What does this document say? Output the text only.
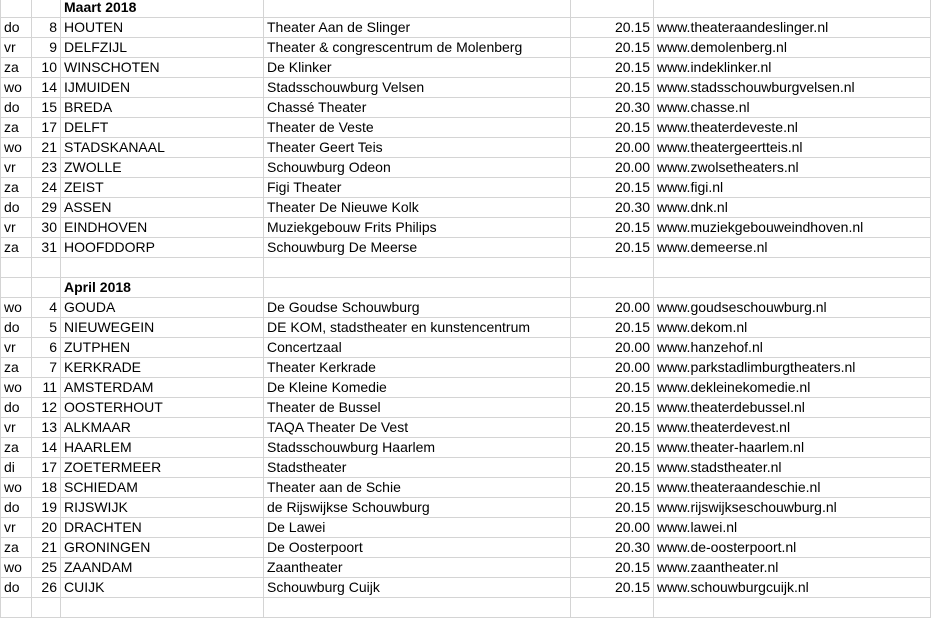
		Maart 2018			
do	8	HOUTEN	Theater Aan de Slinger	20.15	www.theateraandeslinger.nl
vr	9	DELFZIJL	Theater & congrescentrum de Molenberg	20.15	www.demolenberg.nl
za	10	WINSCHOTEN	De Klinker	20.15	www.indeklinker.nl
wo	14	IJMUIDEN	Stadsschouwburg Velsen	20.15	www.stadsschouwburgvelsen.nl
do	15	BREDA	Chassé Theater	20.30	www.chasse.nl
za	17	DELFT	Theater de Veste	20.15	www.theaterdeveste.nl
wo	21	STADSKANAAL	Theater Geert Teis	20.00	www.theatergeertteis.nl
vr	23	ZWOLLE	Schouwburg Odeon	20.00	www.zwolsetheaters.nl
za	24	ZEIST	Figi Theater	20.15	www.figi.nl
do	29	ASSEN	Theater De Nieuwe Kolk	20.30	www.dnk.nl
vr	30	EINDHOVEN	Muziekgebouw Frits Philips	20.15	www.muziekgebouweindhoven.nl
za	31	HOOFDDORP	Schouwburg De Meerse	20.15	www.demeerse.nl

		April 2018			
wo	4	GOUDA	De Goudse Schouwburg	20.00	www.goudseschouwburg.nl
do	5	NIEUWEGEIN	DE KOM, stadstheater en kunstencentrum	20.15	www.dekom.nl
vr	6	ZUTPHEN	Concertzaal	20.00	www.hanzehof.nl
za	7	KERKRADE	Theater Kerkrade	20.00	www.parkstadlimburgtheaters.nl
wo	11	AMSTERDAM	De Kleine Komedie	20.15	www.dekleinekomedie.nl
do	12	OOSTERHOUT	Theater de Bussel	20.15	www.theaterdebussel.nl
vr	13	ALKMAAR	TAQA Theater De Vest	20.15	www.theaterdevest.nl
za	14	HAARLEM	Stadsschouwburg Haarlem	20.15	www.theater-haarlem.nl
di	17	ZOETERMEER	Stadstheater	20.15	www.stadstheater.nl
wo	18	SCHIEDAM	Theater aan de Schie	20.15	www.theateraandeschie.nl
do	19	RIJSWIJK	de Rijswijkse Schouwburg	20.15	www.rijswijkseschouwburg.nl
vr	20	DRACHTEN	De Lawei	20.00	www.lawei.nl
za	21	GRONINGEN	De Oosterpoort	20.30	www.de-oosterpoort.nl
wo	25	ZAANDAM	Zaantheater	20.15	www.zaantheater.nl
do	26	CUIJK	Schouwburg Cuijk	20.15	www.schouwburgcuijk.nl
